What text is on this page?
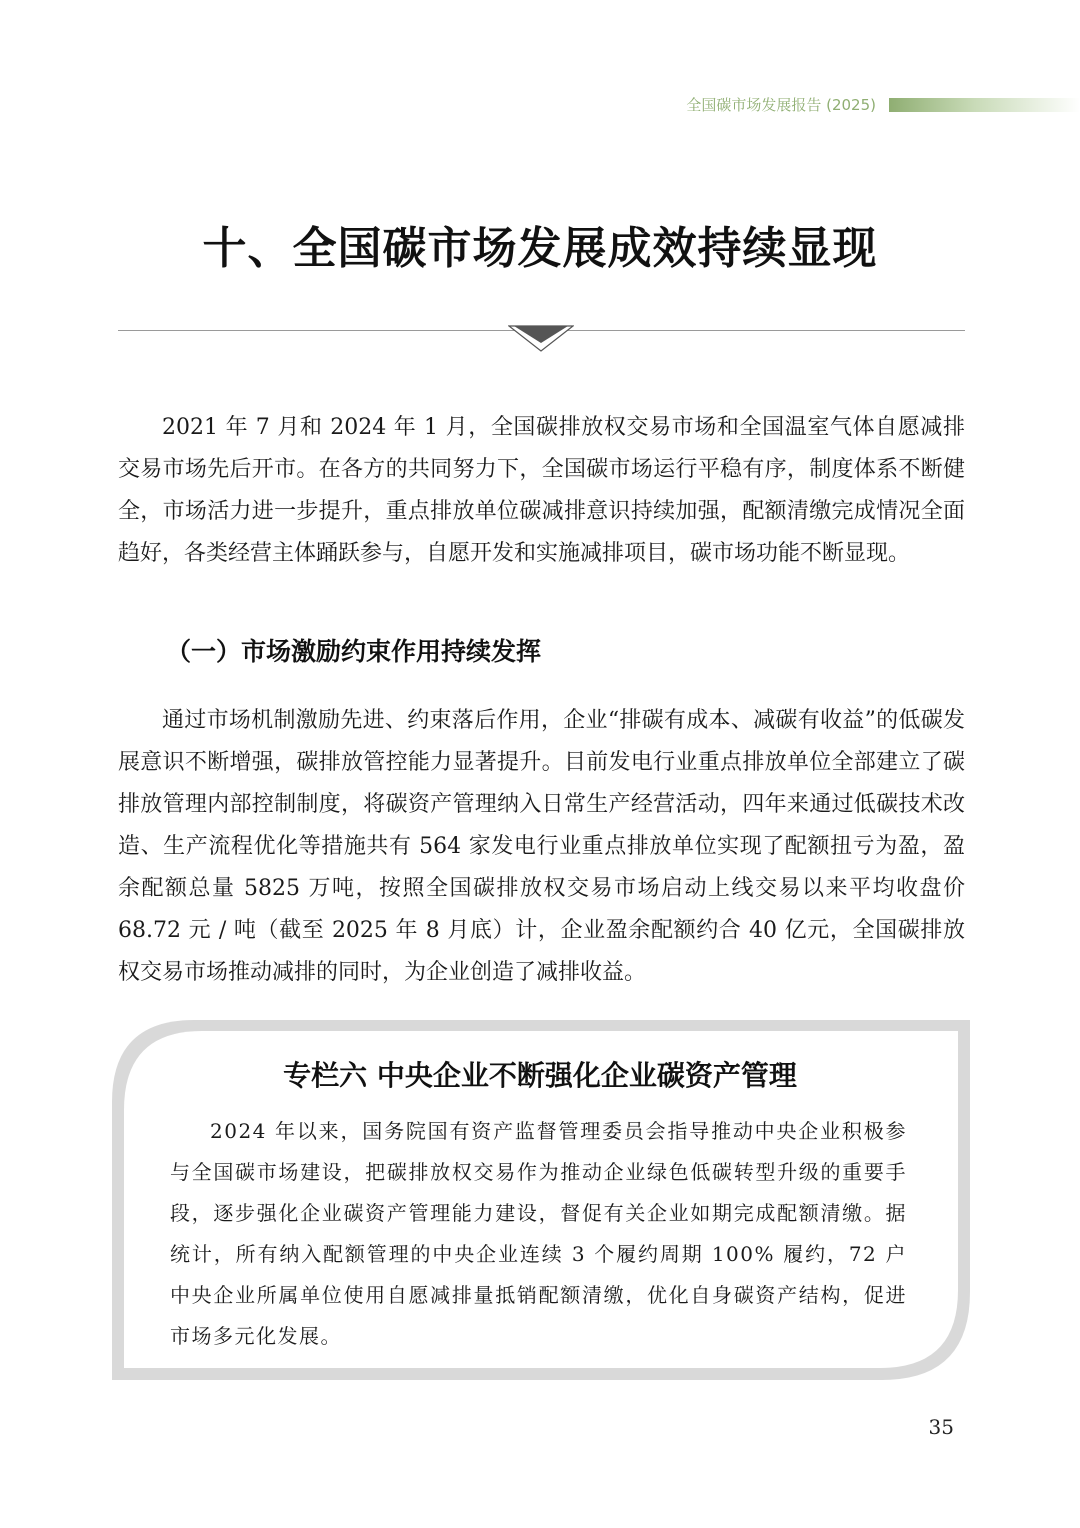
全国碳市场发展报告 (2025)
十、全国碳市场发展成效持续显现

2021 年 7 月和 2024 年 1 月，全国碳排放权交易市场和全国温室气体自愿减排交易市场先后开市。在各方的共同努力下，全国碳市场运行平稳有序，制度体系不断健全，市场活力进一步提升，重点排放单位碳减排意识持续加强，配额清缴完成情况全面趋好，各类经营主体踊跃参与，自愿开发和实施减排项目，碳市场功能不断显现。

（一）市场激励约束作用持续发挥

通过市场机制激励先进、约束落后作用，企业“排碳有成本、减碳有收益”的低碳发展意识不断增强，碳排放管控能力显著提升。目前发电行业重点排放单位全部建立了碳排放管理内部控制制度，将碳资产管理纳入日常生产经营活动，四年来通过低碳技术改造、生产流程优化等措施共有 564 家发电行业重点排放单位实现了配额扭亏为盈，盈余配额总量 5825 万吨，按照全国碳排放权交易市场启动上线交易以来平均收盘价 68.72 元 / 吨（截至 2025 年 8 月底）计，企业盈余配额约合 40 亿元，全国碳排放权交易市场推动减排的同时，为企业创造了减排收益。

专栏六 中央企业不断强化企业碳资产管理

2024 年以来，国务院国有资产监督管理委员会指导推动中央企业积极参与全国碳市场建设，把碳排放权交易作为推动企业绿色低碳转型升级的重要手段，逐步强化企业碳资产管理能力建设，督促有关企业如期完成配额清缴。据统计，所有纳入配额管理的中央企业连续 3 个履约周期 100% 履约，72 户中央企业所属单位使用自愿减排量抵销配额清缴，优化自身碳资产结构，促进市场多元化发展。

35
